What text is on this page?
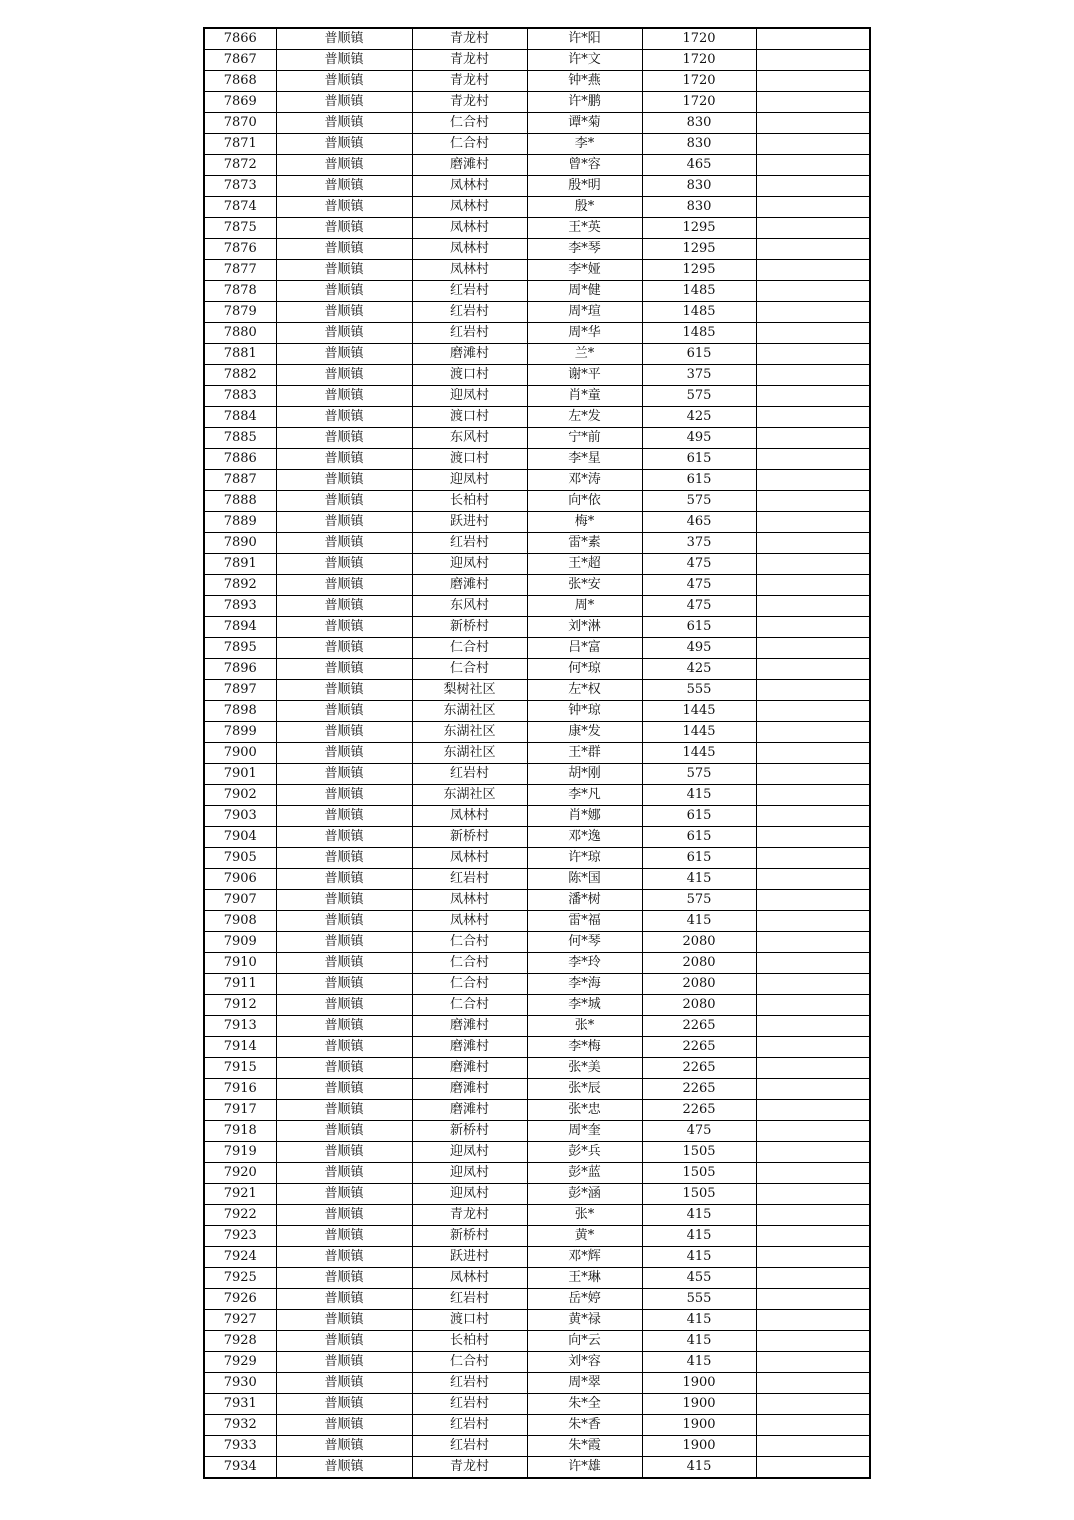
7866	普顺镇	青龙村	许*阳	1720	
7867	普顺镇	青龙村	许*文	1720	
7868	普顺镇	青龙村	钟*燕	1720	
7869	普顺镇	青龙村	许*鹏	1720	
7870	普顺镇	仁合村	谭*菊	830	
7871	普顺镇	仁合村	李*	830	
7872	普顺镇	磨滩村	曾*容	465	
7873	普顺镇	凤林村	殷*明	830	
7874	普顺镇	凤林村	殷*	830	
7875	普顺镇	凤林村	王*英	1295	
7876	普顺镇	凤林村	李*琴	1295	
7877	普顺镇	凤林村	李*娅	1295	
7878	普顺镇	红岩村	周*健	1485	
7879	普顺镇	红岩村	周*瑄	1485	
7880	普顺镇	红岩村	周*华	1485	
7881	普顺镇	磨滩村	兰*	615	
7882	普顺镇	渡口村	谢*平	375	
7883	普顺镇	迎凤村	肖*童	575	
7884	普顺镇	渡口村	左*发	425	
7885	普顺镇	东风村	宁*前	495	
7886	普顺镇	渡口村	李*星	615	
7887	普顺镇	迎凤村	邓*涛	615	
7888	普顺镇	长柏村	向*依	575	
7889	普顺镇	跃进村	梅*	465	
7890	普顺镇	红岩村	雷*素	375	
7891	普顺镇	迎凤村	王*超	475	
7892	普顺镇	磨滩村	张*安	475	
7893	普顺镇	东风村	周*	475	
7894	普顺镇	新桥村	刘*淋	615	
7895	普顺镇	仁合村	吕*富	495	
7896	普顺镇	仁合村	何*琼	425	
7897	普顺镇	梨树社区	左*权	555	
7898	普顺镇	东湖社区	钟*琼	1445	
7899	普顺镇	东湖社区	康*发	1445	
7900	普顺镇	东湖社区	王*群	1445	
7901	普顺镇	红岩村	胡*刚	575	
7902	普顺镇	东湖社区	李*凡	415	
7903	普顺镇	凤林村	肖*娜	615	
7904	普顺镇	新桥村	邓*逸	615	
7905	普顺镇	凤林村	许*琼	615	
7906	普顺镇	红岩村	陈*国	415	
7907	普顺镇	凤林村	潘*树	575	
7908	普顺镇	凤林村	雷*福	415	
7909	普顺镇	仁合村	何*琴	2080	
7910	普顺镇	仁合村	李*玲	2080	
7911	普顺镇	仁合村	李*海	2080	
7912	普顺镇	仁合村	李*城	2080	
7913	普顺镇	磨滩村	张*	2265	
7914	普顺镇	磨滩村	李*梅	2265	
7915	普顺镇	磨滩村	张*美	2265	
7916	普顺镇	磨滩村	张*辰	2265	
7917	普顺镇	磨滩村	张*忠	2265	
7918	普顺镇	新桥村	周*奎	475	
7919	普顺镇	迎凤村	彭*兵	1505	
7920	普顺镇	迎凤村	彭*蓝	1505	
7921	普顺镇	迎凤村	彭*涵	1505	
7922	普顺镇	青龙村	张*	415	
7923	普顺镇	新桥村	黄*	415	
7924	普顺镇	跃进村	邓*辉	415	
7925	普顺镇	凤林村	王*琳	455	
7926	普顺镇	红岩村	岳*婷	555	
7927	普顺镇	渡口村	黄*禄	415	
7928	普顺镇	长柏村	向*云	415	
7929	普顺镇	仁合村	刘*容	415	
7930	普顺镇	红岩村	周*翠	1900	
7931	普顺镇	红岩村	朱*全	1900	
7932	普顺镇	红岩村	朱*香	1900	
7933	普顺镇	红岩村	朱*霞	1900	
7934	普顺镇	青龙村	许*雄	415	
